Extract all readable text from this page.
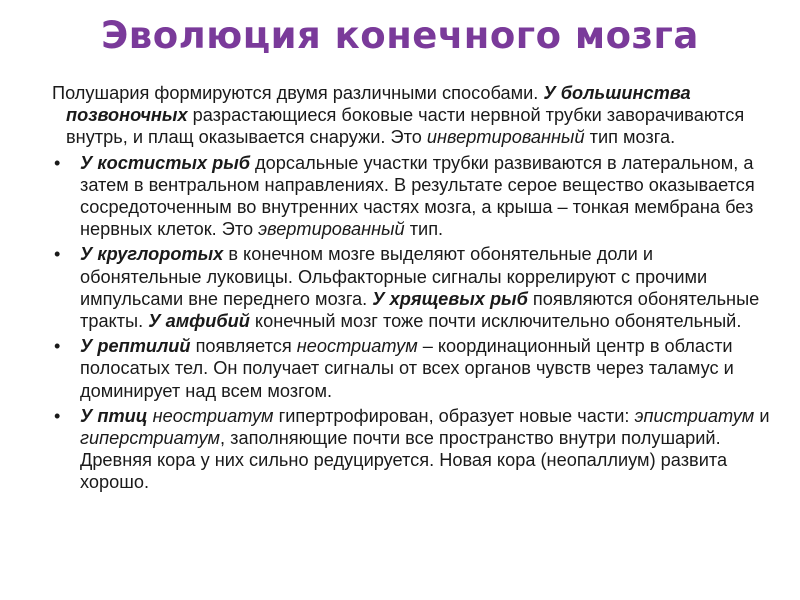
Эволюция конечного мозга

Полушария формируются двумя различными способами. У большинства позвоночных разрастающиеся боковые части нервной трубки заворачиваются внутрь, и плащ оказывается снаружи. Это инвертированный тип мозга.

• У костистых рыб дорсальные участки трубки развиваются в латеральном, а затем в вентральном направлениях. В результате серое вещество оказывается сосредоточенным во внутренних частях мозга, а крыша – тонкая мембрана без нервных клеток. Это эвертированный тип.
• У круглоротых в конечном мозге выделяют обонятельные доли и обонятельные луковицы. Ольфакторные сигналы коррелируют с прочими импульсами вне переднего мозга. У хрящевых рыб появляются обонятельные тракты. У амфибий конечный мозг тоже почти исключительно обонятельный.
• У рептилий появляется неостриатум – координационный центр в области полосатых тел. Он получает сигналы от всех органов чувств через таламус и доминирует над всем мозгом.
• У птиц неостриатум гипертрофирован, образует новые части: эпистриатум и гиперстриатум, заполняющие почти все пространство внутри полушарий. Древняя кора у них сильно редуцируется. Новая кора (неопаллиум) развита хорошо.
